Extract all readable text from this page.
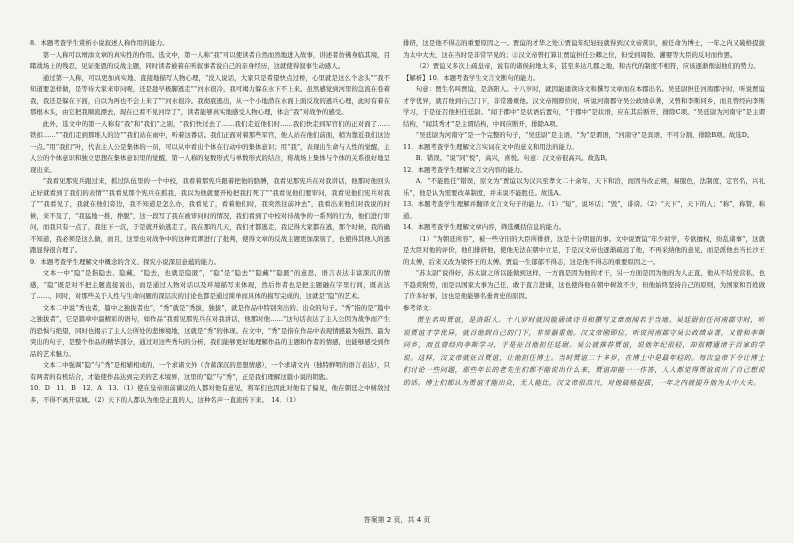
8．本题考查学生赏析小说叙述人称作用的能力。

第一人称可以增添文章的真实性的作用。选文中，第一人称“我”可以使读者自然而然地进入故事，讲述者仿佛身临其境，目睹战场上的残忍，见证张恩的反战主题，同时读者被着在听叙事者说自己的亲身经历，这就使得叙事生动感人。

通过第一人称，可以更加真实地、直接地描写人物心理，“没人说话，大家只是希望快点过桥，心里就是这么个念头”“我不知道要怎样做，是等待大家来审问呢，还是趁早极脚逃走”“河水很冷，我可竭力躲在水下不上来。虽然感觉到河里的急流在卷着我，我还是躲在下面，自以为再也不会上来了”“河水很冷。我彻底逃出，从一个小地潜在水面上面反攻的逃兵心理，此时有着在那根木头，由它把我顺流漂去，现在已看不见河岸了”，读者能够真实地感受人物心理，体会“我”对战争的感受。

此外，选文中的第一人称有“我”和“我们”之别，“我们快过去了……我们走近他们时……我们快走到军官们的正对面了……铁扣……”“我们走到那堆人的边”“我们站在雨中，听着这番话。我们正面对着那些军官，他人站在他们前面，稍为靠近我们这边一点。”用“我们”叶，代表主人公是集体的一员，可以从中看出个体在行动中的集体意识；用“我”，表现出生命与人性的觉醒，主人公的个体意识和独立思想在集体意识里的觉醒，第一人称的复数形式与单数形式的结合，将战场上集体与个体的关系很好地呈现出来。

“我看见那宪兵跟过来，抓过队伍里的一个中校，我看着那宪兵跟着把他的胳膊，我看见那宪兵在对我讲话，他那时他回头正好就看到了我们的表情”“我看见那个宪兵在抓我，我以为他就要开枪把我打死了”“我看见他们要审问，我看见他们宪兵对我了”“我看见了，我就在他们旁边，我不知道是怎么办，我看见了，看着他们时，我突然往前冲去”，我看出来他们对我说的时候，来不及了，“我猛地一推，挣脱”，这一段写了我在被审问时的情况，我们看到了中校对待战争的一系列的行为，他们进行审问，而我只有一点了，我往下一沉，于是就开始逃走了，我在那的几天，我们才都逃走，我记得大家都在逃，那个时候，我的确不知道，我必须是这么做，而且，这里也对战争中的这种荒谬进行了批判，使得文章的反战主题更加深刻了，也使得其他人的逃跑显得很合理了。

9．本题考查学生理解文中概念的含义、探究小说深层意蕴的能力。

文本一中“隐”是指隐去、隐藏，“隐去，也就是隐匿”，“隐”是“隐去”“隐藏”“隐匿”的意思，语言表达丰富深沉的情感，“隐”既是对不把主题直接说出，而是通过人物对话以及环境描写来体现，然后作者也是把主题融在字里行间，既表达了……，同时，对那些关于人性与生命问题的深层次的讨论也都是通过简单而具体的描写完成的，这就是“隐”的艺术。

文本二中说“秀也者，篇中之独拔者也”，“秀”就是“秀拔，独拔”，就是作品中特别突出的、出众的句子。“秀”指的是“篇中之独拔者”，它是篇章中最精彩的语句，如作品“我看见那宪兵在对我讲话，他那时他……”这句话表达了主人公因为战争而产生的恐惧与绝望，同时也揭示了主人公所处的悲惨境地，这就是“秀”的体现。在文中，“秀”是指在作品中表现情感最为强烈、最为突出的句子，是整个作品的精华部分，通过对这些秀句的分析，我们能够更好地理解作品的主题和作者的情感，也能够感受到作品的艺术魅力。

文本二中强调“隐”与“秀”是相辅相成的，一个求诸文外（含蓄深沉的思想情感），一个求诸文内（独特鲜明的语言表达），只有两者的有机结合，才能使作品达到完美的艺术境界，这里的“隐”与“秀”，正是我们理解这篇小说的钥匙。

10．D　11．B　12．A　13．（1）使在皇帝面前谏议的人都对他有意见，将军们也因此对他有了偏见，他在朝廷之中树敌过多，不得不离开京城。（2）天下的人都认为他是正直的人，这种名声一直流传下来。　14．（1）

排挤，这是他不得志的重要原因之一。贾谊的才华之处①贾谊年纪轻轻就得到汉文帝赏识，被任命为博士，一年之内又破格提拔为太中大夫，这在当时是非常罕见的；②汉文帝曾打算让贾谊担任公卿之位，但受到周勃、灌婴等大臣的反对而作罢。

（2）贾谊又多次上疏皇帝，说有的诸侯封地太多，甚至多达几郡之地，和古代的制度不相符，应该逐渐削弱他们的势力。

【解析】10．本题考查学生文言文断句的能力。

句意：贾生名叫贾谊，是洛阳人。十八岁时，就因能诵读诗文和撰写文章而在本郡出名。吴廷尉担任河南郡守时，听说贾谊才学优异，就召他到自己门下，非常器重他。汉文帝刚即位时，听说河南郡守吴公政绩卓著，又曾和李斯同乡，而且曾经向李斯学习，于是征召他担任廷尉。“闻于郡中”是状语后置句，“于郡中”是状语，应在其后断开，排除C项。“吴廷尉为河南守”是主谓结构，“闻其秀才”是主谓结构，中间应断开，排除A项。

“吴廷尉为河南守”是一个完整的句子，“吴廷尉”是主语，“为”是谓语，“河南守”是宾语，不可分割，排除B项。故选D。

11．本题考查学生理解文言实词在文中的意义和用法的能力。

B．错误。“说”同“悦”，高兴，喜悦。句意：汉文帝很高兴。故选B。

12．本题考查学生理解文言文内容的能力。

A．“不能胜任”错误，原文为“贾谊以为汉兴至孝文二十余年，天下和洽，而固当改正朔，易服色，法制度，定官名，兴礼乐”，他是认为需要改革制度，并未说不能胜任。故选A。

13．本题考查学生理解并翻译文言文句子的能力。（1）“短”，说坏话；“毁”，诽谤。（2）“天下”，天下的人；“称”，称赞，称道。

14．本题考查学生理解文章内容，筛选概括信息的能力。

（1）“为朝廷所容”，被一些守旧的大臣所排挤，这是十分明显的事。文中说贾谊“年少初学，专欲擅权，纷乱诸事”，这就是大臣对他的评价，他们排挤他，使他无法在朝中立足，于是汉文帝也逐渐疏远了他，不再采纳他的意见，而是派他去当长沙王的太傅，后来又改为梁怀王的太傅。贾谊一生郁郁不得志，这是他不得志的重要原因之一。

“苏太尉”说得好，苏太尉之所以能做到这样，一方面是因为他的才干，另一方面是因为他的为人正直，他从不结党营私，也不趋炎附势，而是以国家大事为己任，敢于直言进谏，这也使得他在朝中树敌不少，但他始终坚持自己的原则，为国家和百姓做了许多好事，这也是他能够名垂青史的原因。

参考译文：

贾生名叫贾谊，是洛阳人。十八岁时就因能诵读诗书和撰写文章而闻名于当地。吴廷尉担任河南郡守时，听说贾谊才学优异，就召他到自己的门下，非常器重他。汉文帝刚即位，听说河南郡守吴公政绩卓著，又曾和李斯同乡，而且曾经向李斯学习，于是征召他担任廷尉。吴公就推荐贾谊，说他年纪很轻，却很精通诸子百家的学说。这样，汉文帝就征召贾谊，让他担任博士。当时贾谊二十多岁，在博士中是最年轻的。每次皇帝下令让博士们讨论一些问题，那些年长的老先生们都不能说出什么来，贾谊却能一一作答，人人都觉得贾谊说出了自己想说的话。博士们都认为贾谊才能出众，无人能比。汉文帝很高兴，对他破格提拔，一年之内就提升他为太中大夫。

答案第 2 页，共 4 页
